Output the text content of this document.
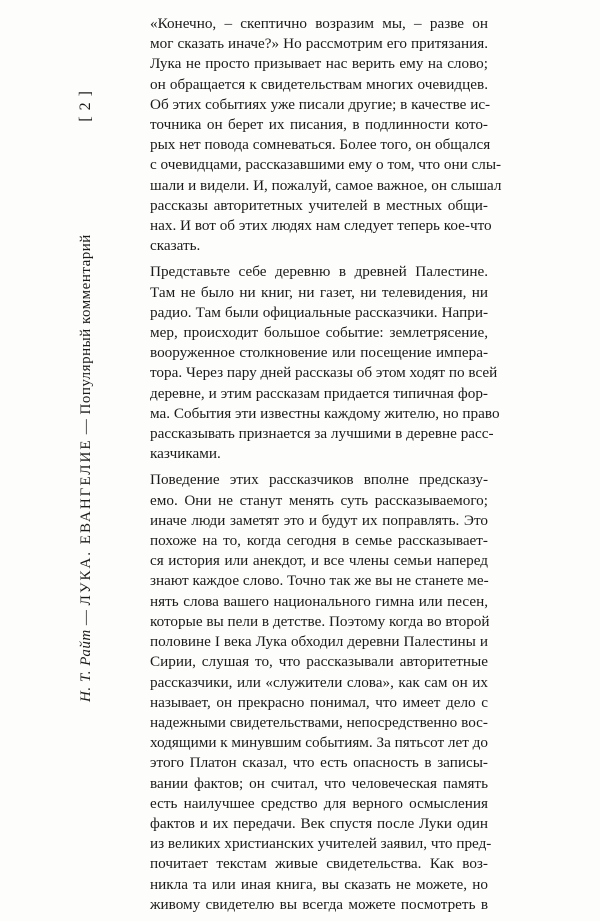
Н. Т. Райт — ЛУКА. ЕВАНГЕЛИЕ — Популярный комментарий
[ 2 ]

«Конечно, – скептично возразим мы, – разве он
мог сказать иначе?» Но рассмотрим его притязания.
Лука не просто призывает нас верить ему на слово;
он обращается к свидетельствам многих очевидцев.
Об этих событиях уже писали другие; в качестве ис-
точника он берет их писания, в подлинности кото-
рых нет повода сомневаться. Более того, он общался
с очевидцами, рассказавшими ему о том, что они слы-
шали и видели. И, пожалуй, самое важное, он слышал
рассказы авторитетных учителей в местных общи-
нах. И вот об этих людях нам следует теперь кое-что
сказать.

Представьте себе деревню в древней Палестине.
Там не было ни книг, ни газет, ни телевидения, ни
радио. Там были официальные рассказчики. Напри-
мер, происходит большое событие: землетрясение,
вооруженное столкновение или посещение импера-
тора. Через пару дней рассказы об этом ходят по всей
деревне, и этим рассказам придается типичная фор-
ма. События эти известны каждому жителю, но право
рассказывать признается за лучшими в деревне расс-
казчиками.

Поведение этих рассказчиков вполне предсказу-
емо. Они не станут менять суть рассказываемого;
иначе люди заметят это и будут их поправлять. Это
похоже на то, когда сегодня в семье рассказывает-
ся история или анекдот, и все члены семьи наперед
знают каждое слово. Точно так же вы не станете ме-
нять слова вашего национального гимна или песен,
которые вы пели в детстве. Поэтому когда во второй
половине I века Лука обходил деревни Палестины и
Сирии, слушая то, что рассказывали авторитетные
рассказчики, или «служители слова», как сам он их
называет, он прекрасно понимал, что имеет дело с
надежными свидетельствами, непосредственно вос-
ходящими к минувшим событиям. За пятьсот лет до
этого Платон сказал, что есть опасность в записы-
вании фактов; он считал, что человеческая память
есть наилучшее средство для верного осмысления
фактов и их передачи. Век спустя после Луки один
из великих христианских учителей заявил, что пред-
почитает текстам живые свидетельства. Как воз-
никла та или иная книга, вы сказать не можете, но
живому свидетелю вы всегда можете посмотреть в
